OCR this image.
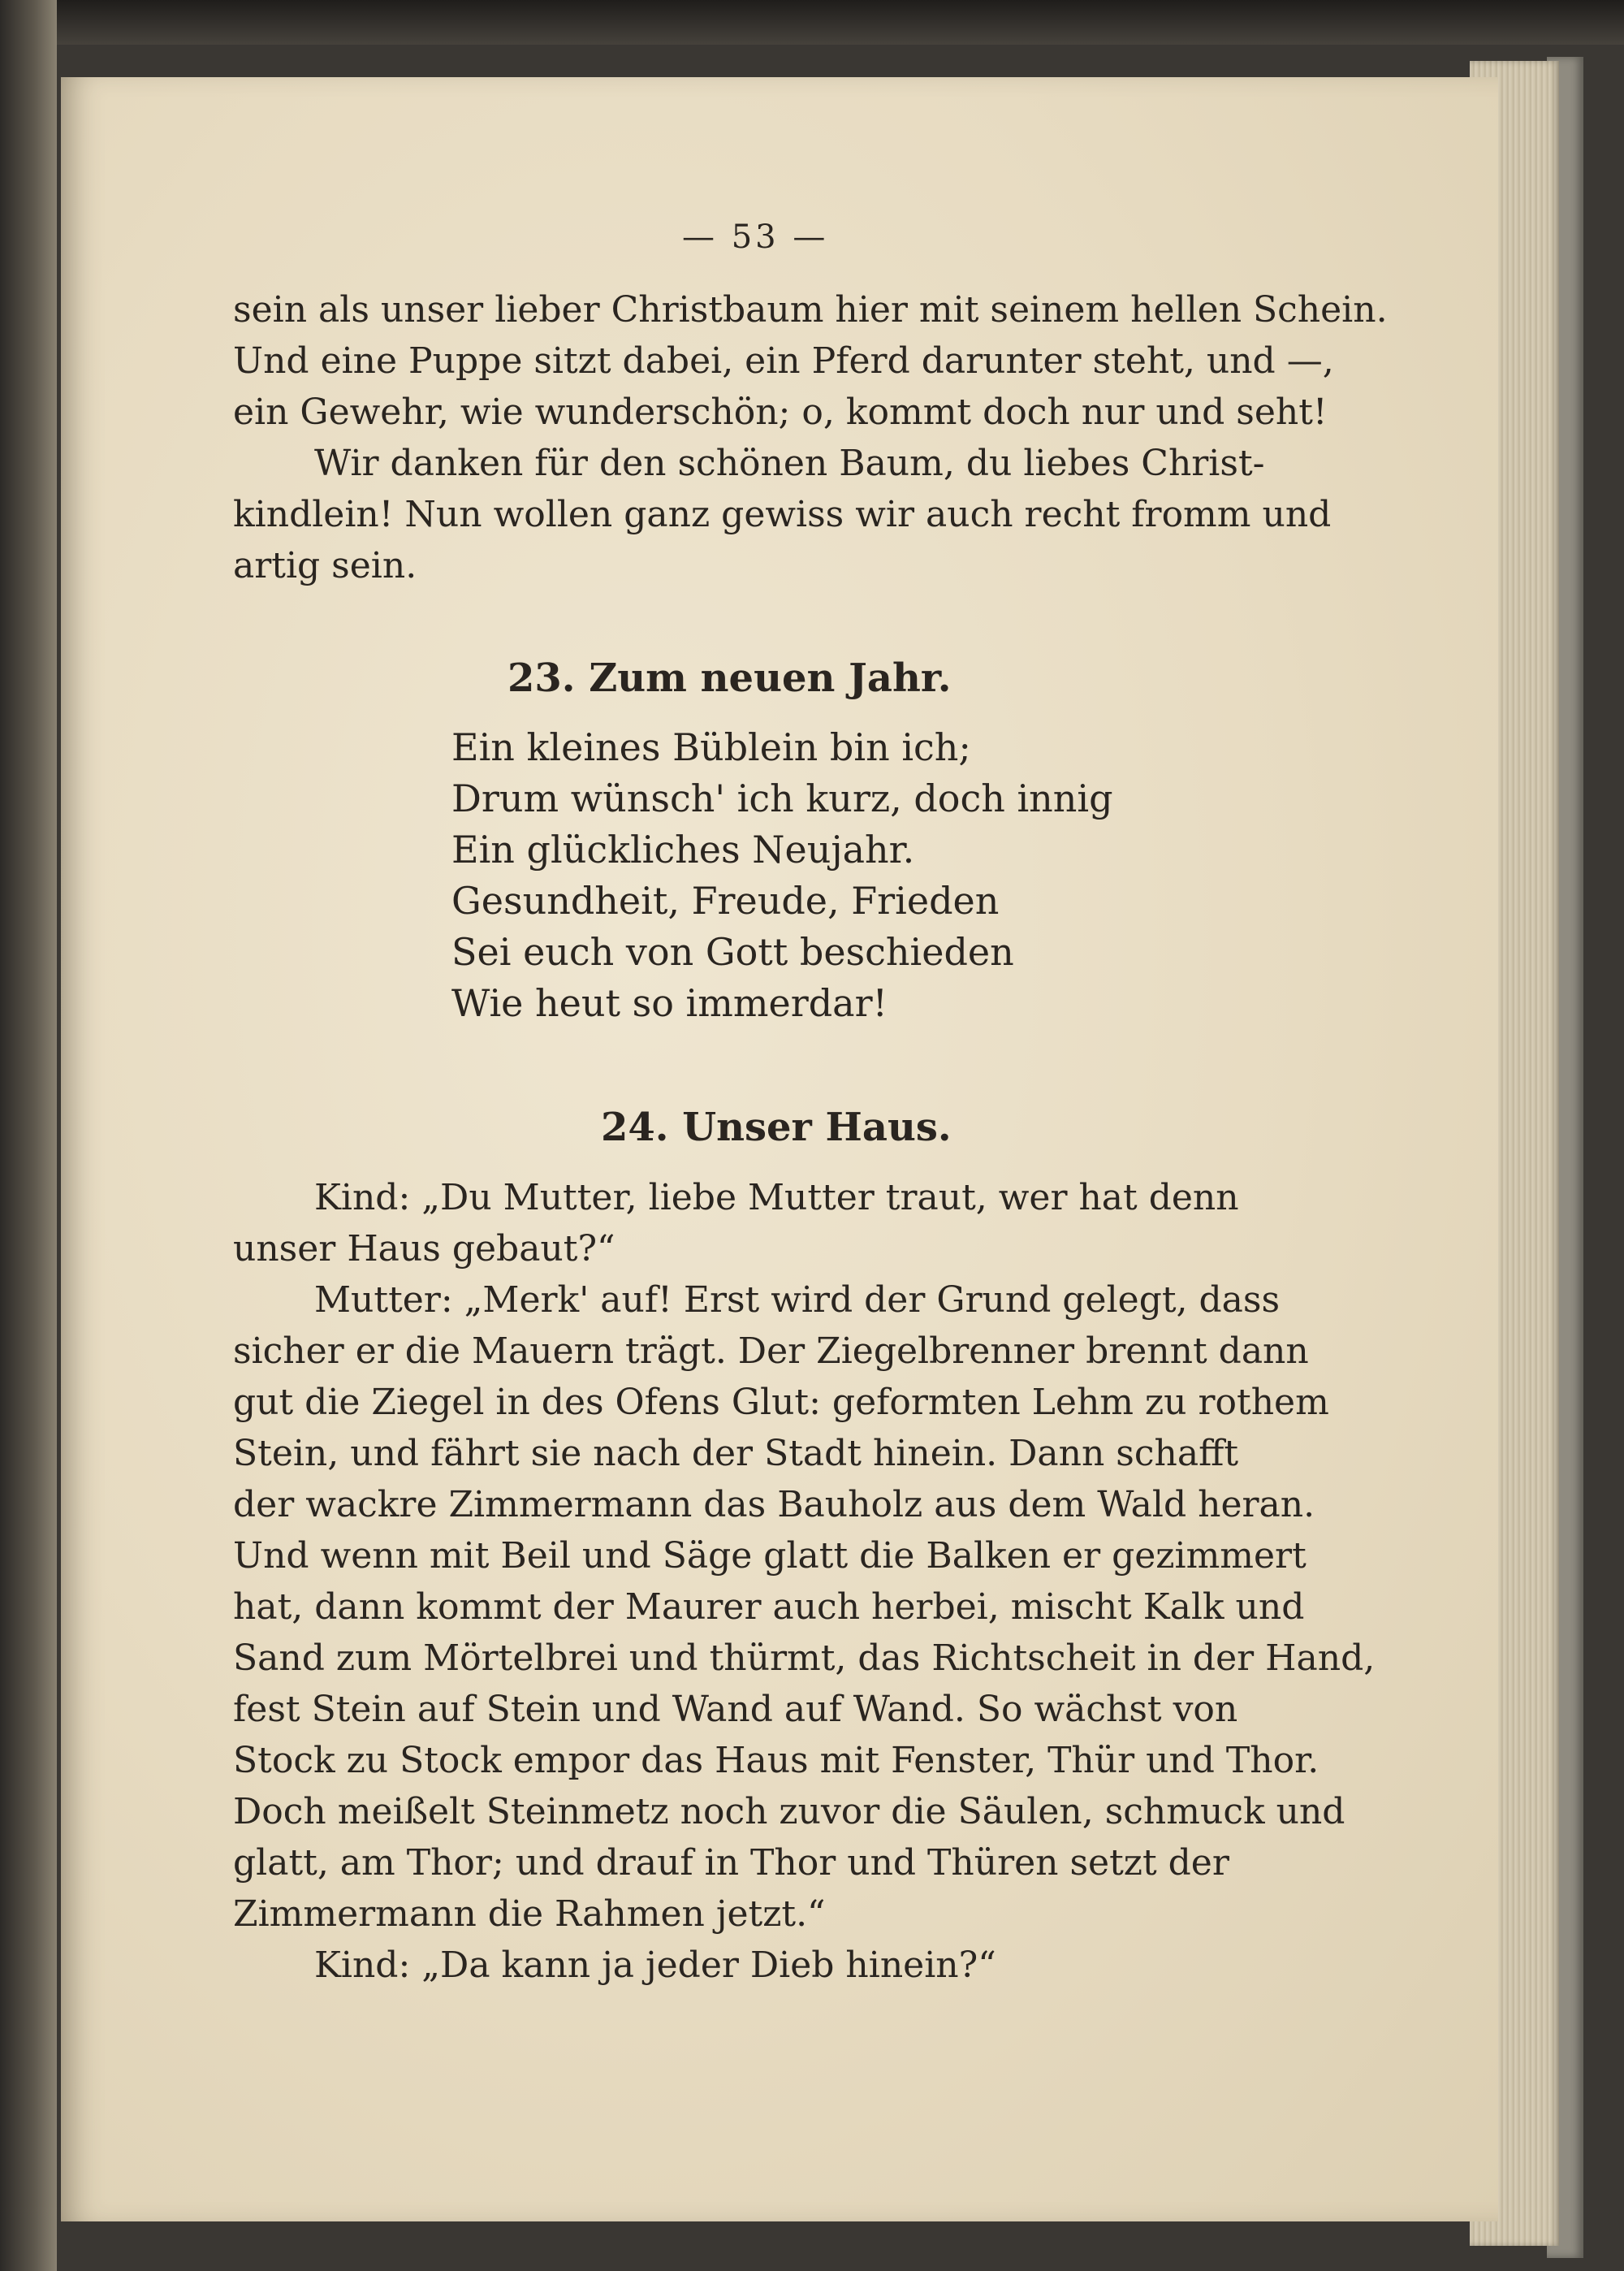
— 53 —
sein als unser lieber Christbaum hier mit seinem hellen Schein.
Und eine Puppe sitzt dabei, ein Pferd darunter steht, und —,
ein Gewehr, wie wunderschön; o, kommt doch nur und seht!
Wir danken für den schönen Baum, du liebes Christ-
kindlein! Nun wollen ganz gewiss wir auch recht fromm und
artig sein.
23. Zum neuen Jahr.
Ein kleines Büblein bin ich;
Drum wünsch' ich kurz, doch innig
Ein glückliches Neujahr.
Gesundheit, Freude, Frieden
Sei euch von Gott beschieden
Wie heut so immerdar!
24. Unser Haus.
Kind: „Du Mutter, liebe Mutter traut, wer hat denn
unser Haus gebaut?“
Mutter: „Merk' auf! Erst wird der Grund gelegt, dass
sicher er die Mauern trägt. Der Ziegelbrenner brennt dann
gut die Ziegel in des Ofens Glut: geformten Lehm zu rothem
Stein, und fährt sie nach der Stadt hinein. Dann schafft
der wackre Zimmermann das Bauholz aus dem Wald heran.
Und wenn mit Beil und Säge glatt die Balken er gezimmert
hat, dann kommt der Maurer auch herbei, mischt Kalk und
Sand zum Mörtelbrei und thürmt, das Richtscheit in der Hand,
fest Stein auf Stein und Wand auf Wand. So wächst von
Stock zu Stock empor das Haus mit Fenster, Thür und Thor.
Doch meißelt Steinmetz noch zuvor die Säulen, schmuck und
glatt, am Thor; und drauf in Thor und Thüren setzt der
Zimmermann die Rahmen jetzt.“
Kind: „Da kann ja jeder Dieb hinein?“
